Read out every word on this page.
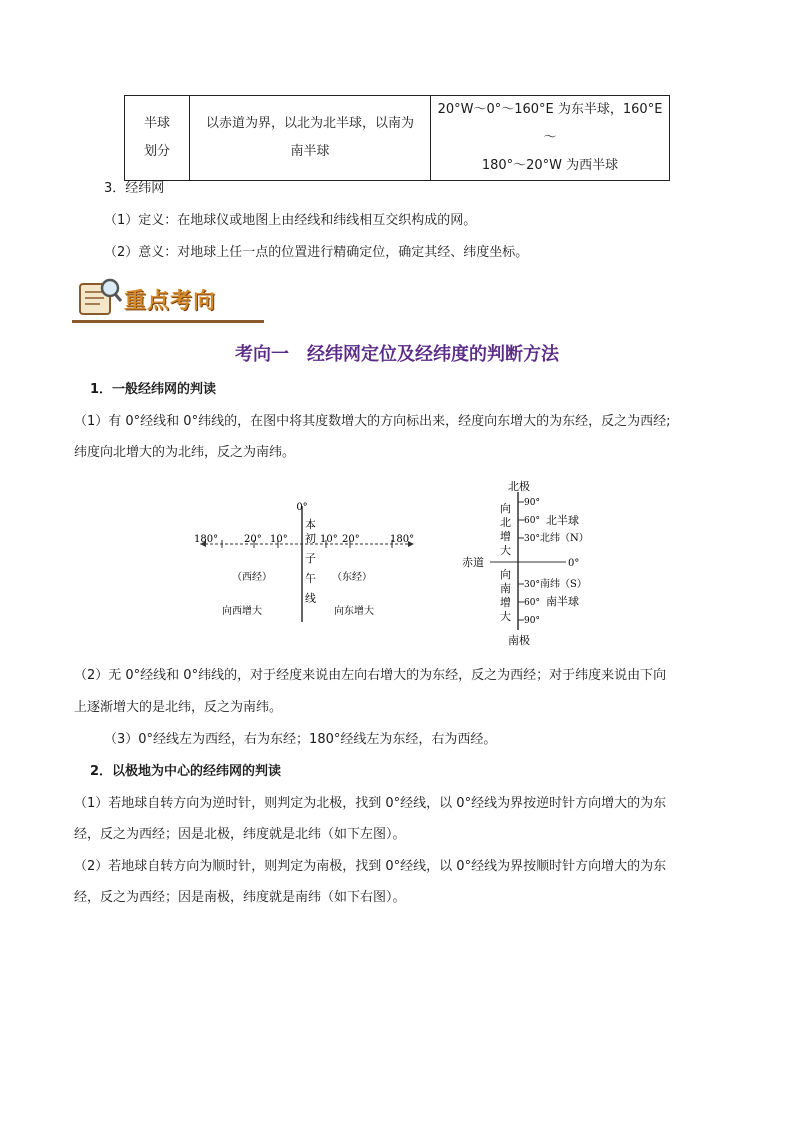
半球
划分

以赤道为界，以北为北半球，以南为
南半球

20°W～0°～160°E 为东半球，160°E～
180°～20°W 为西半球
3．经纬网
（1）定义：在地球仪或地图上由经线和纬线相互交织构成的网。
（2）意义：对地球上任一点的位置进行精确定位，确定其经、纬度坐标。
重点考向
考向一　经纬网定位及经纬度的判断方法
1．一般经纬网的判读
（1）有 0°经线和 0°纬线的，在图中将其度数增大的方向标出来，经度向东增大的为东经，反之为西经;
纬度向北增大的为北纬，反之为南纬。
0°
180°	20° 10°	10° 20°	180°
本
初
子
午
线
（西经）	（东经）
向西增大	向东增大
北极
南极
赤道	0°
90°
60°
30°
30°
60°
90°
向
北
增
大
向
南
增
大
北半球
北纬（N）
南纬（S）
南半球
（2）无 0°经线和 0°纬线的，对于经度来说由左向右增大的为东经，反之为西经；对于纬度来说由下向
上逐渐增大的是北纬，反之为南纬。
（3）0°经线左为西经，右为东经；180°经线左为东经，右为西经。
2．以极地为中心的经纬网的判读
（1）若地球自转方向为逆时针，则判定为北极，找到 0°经线，以 0°经线为界按逆时针方向增大的为东
经，反之为西经；因是北极，纬度就是北纬（如下左图）。
（2）若地球自转方向为顺时针，则判定为南极，找到 0°经线，以 0°经线为界按顺时针方向增大的为东
经，反之为西经；因是南极，纬度就是南纬（如下右图）。
